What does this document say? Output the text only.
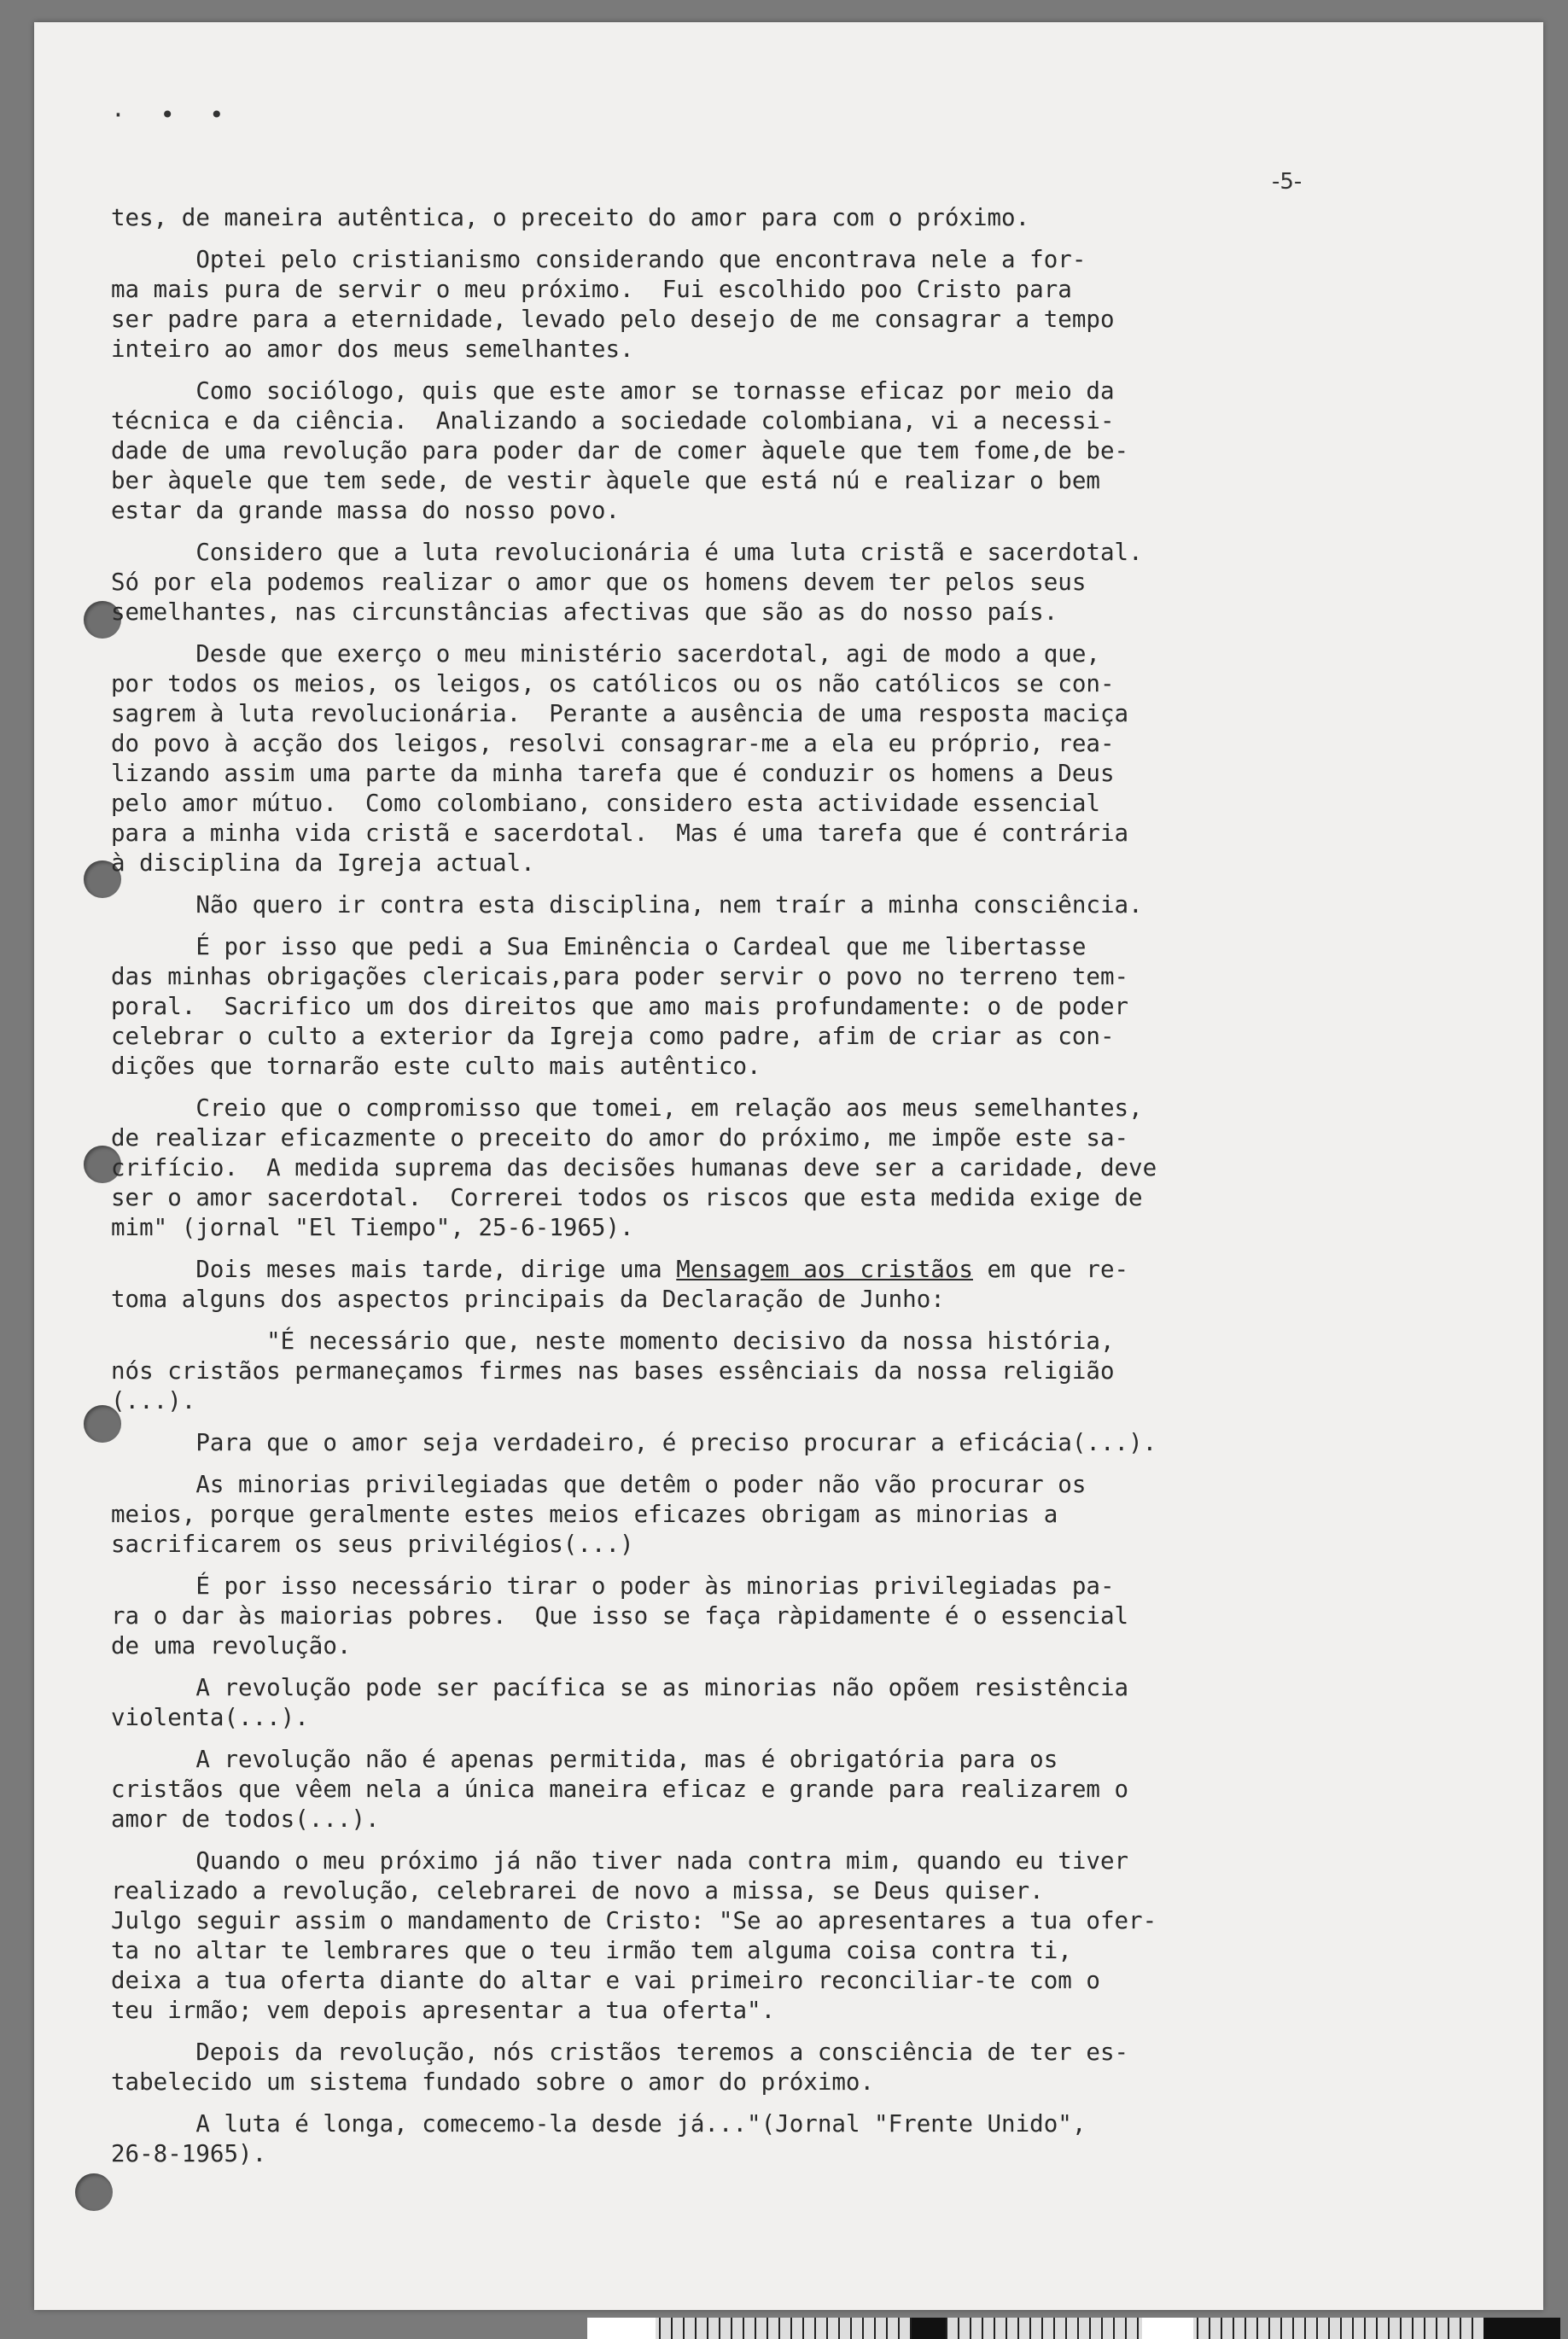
· • •
-5-

tes, de maneira autêntica, o preceito do amor para com o próximo.

Optei pelo cristianismo considerando que encontrava nele a for-
ma mais pura de servir o meu próximo.  Fui escolhido poo Cristo para
ser padre para a eternidade, levado pelo desejo de me consagrar a tempo
inteiro ao amor dos meus semelhantes.

Como sociólogo, quis que este amor se tornasse eficaz por meio da
técnica e da ciência.  Analizando a sociedade colombiana, vi a necessi-
dade de uma revolução para poder dar de comer àquele que tem fome,de be-
ber àquele que tem sede, de vestir àquele que está nú e realizar o bem
estar da grande massa do nosso povo.

Considero que a luta revolucionária é uma luta cristã e sacerdotal.
Só por ela podemos realizar o amor que os homens devem ter pelos seus
semelhantes, nas circunstâncias afectivas que são as do nosso país.

Desde que exerço o meu ministério sacerdotal, agi de modo a que,
por todos os meios, os leigos, os católicos ou os não católicos se con-
sagrem à luta revolucionária.  Perante a ausência de uma resposta maciça
do povo à acção dos leigos, resolvi consagrar-me a ela eu próprio, rea-
lizando assim uma parte da minha tarefa que é conduzir os homens a Deus
pelo amor mútuo.  Como colombiano, considero esta actividade essencial
para a minha vida cristã e sacerdotal.  Mas é uma tarefa que é contrária
à disciplina da Igreja actual.

Não quero ir contra esta disciplina, nem traír a minha consciência.

É por isso que pedi a Sua Eminência o Cardeal que me libertasse
das minhas obrigações clericais,para poder servir o povo no terreno tem-
poral.  Sacrifico um dos direitos que amo mais profundamente: o de poder
celebrar o culto a exterior da Igreja como padre, afim de criar as con-
dições que tornarão este culto mais autêntico.

Creio que o compromisso que tomei, em relação aos meus semelhantes,
de realizar eficazmente o preceito do amor do próximo, me impõe este sa-
crifício.  A medida suprema das decisões humanas deve ser a caridade, deve
ser o amor sacerdotal.  Correrei todos os riscos que esta medida exige de
mim" (jornal "El Tiempo", 25-6-1965).

Dois meses mais tarde, dirige uma Mensagem aos cristãos em que re-
toma alguns dos aspectos principais da Declaração de Junho:

"É necessário que, neste momento decisivo da nossa história,
nós cristãos permaneçamos firmes nas bases essênciais da nossa religião
(...).

Para que o amor seja verdadeiro, é preciso procurar a eficácia(...).

As minorias privilegiadas que detêm o poder não vão procurar os
meios, porque geralmente estes meios eficazes obrigam as minorias a
sacrificarem os seus privilégios(...)

É por isso necessário tirar o poder às minorias privilegiadas pa-
ra o dar às maiorias pobres.  Que isso se faça ràpidamente é o essencial
de uma revolução.

A revolução pode ser pacífica se as minorias não opõem resistência
violenta(...).

A revolução não é apenas permitida, mas é obrigatória para os
cristãos que vêem nela a única maneira eficaz e grande para realizarem o
amor de todos(...).

Quando o meu próximo já não tiver nada contra mim, quando eu tiver
realizado a revolução, celebrarei de novo a missa, se Deus quiser.
Julgo seguir assim o mandamento de Cristo: "Se ao apresentares a tua ofer-
ta no altar te lembrares que o teu irmão tem alguma coisa contra ti,
deixa a tua oferta diante do altar e vai primeiro reconciliar-te com o
teu irmão; vem depois apresentar a tua oferta".

Depois da revolução, nós cristãos teremos a consciência de ter es-
tabelecido um sistema fundado sobre o amor do próximo.

A luta é longa, comecemo-la desde já..."(Jornal "Frente Unido",
26-8-1965).
